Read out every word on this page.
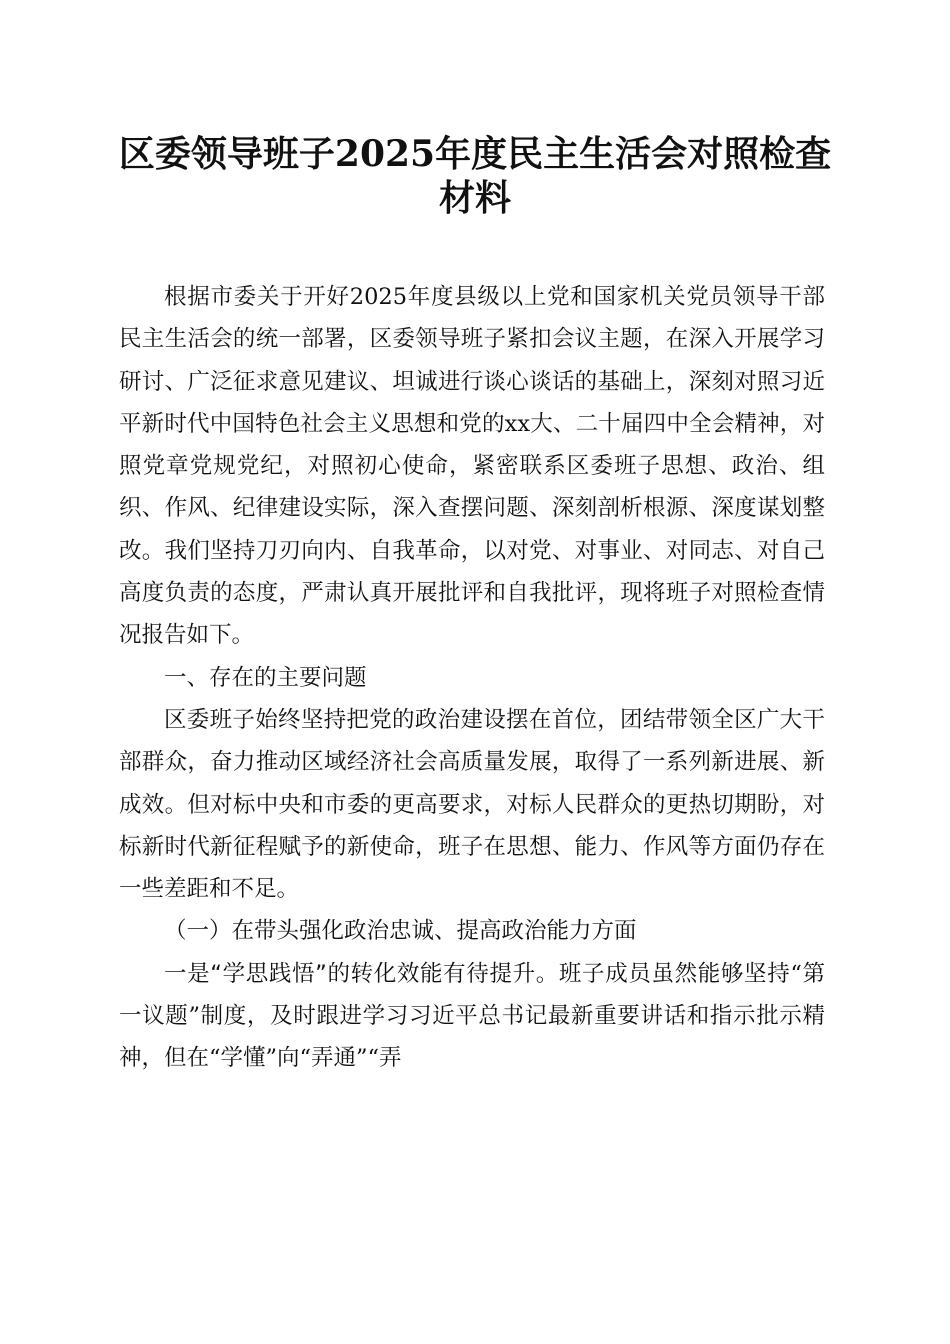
区委领导班子2025年度民主生活会对照检查
材料

根据市委关于开好2025年度县级以上党和国家机关党员领导干部民主生活会的统一部署，区委领导班子紧扣会议主题，在深入开展学习研讨、广泛征求意见建议、坦诚进行谈心谈话的基础上，深刻对照习近平新时代中国特色社会主义思想和党的xx大、二十届四中全会精神，对照党章党规党纪，对照初心使命，紧密联系区委班子思想、政治、组织、作风、纪律建设实际，深入查摆问题、深刻剖析根源、深度谋划整改。我们坚持刀刃向内、自我革命，以对党、对事业、对同志、对自己高度负责的态度，严肃认真开展批评和自我批评，现将班子对照检查情况报告如下。

一、存在的主要问题

区委班子始终坚持把党的政治建设摆在首位，团结带领全区广大干部群众，奋力推动区域经济社会高质量发展，取得了一系列新进展、新成效。但对标中央和市委的更高要求，对标人民群众的更热切期盼，对标新时代新征程赋予的新使命，班子在思想、能力、作风等方面仍存在一些差距和不足。

（一）在带头强化政治忠诚、提高政治能力方面

一是“学思践悟”的转化效能有待提升。班子成员虽然能够坚持“第一议题”制度，及时跟进学习习近平总书记最新重要讲话和指示批示精神，但在“学懂”向“弄通”“弄
